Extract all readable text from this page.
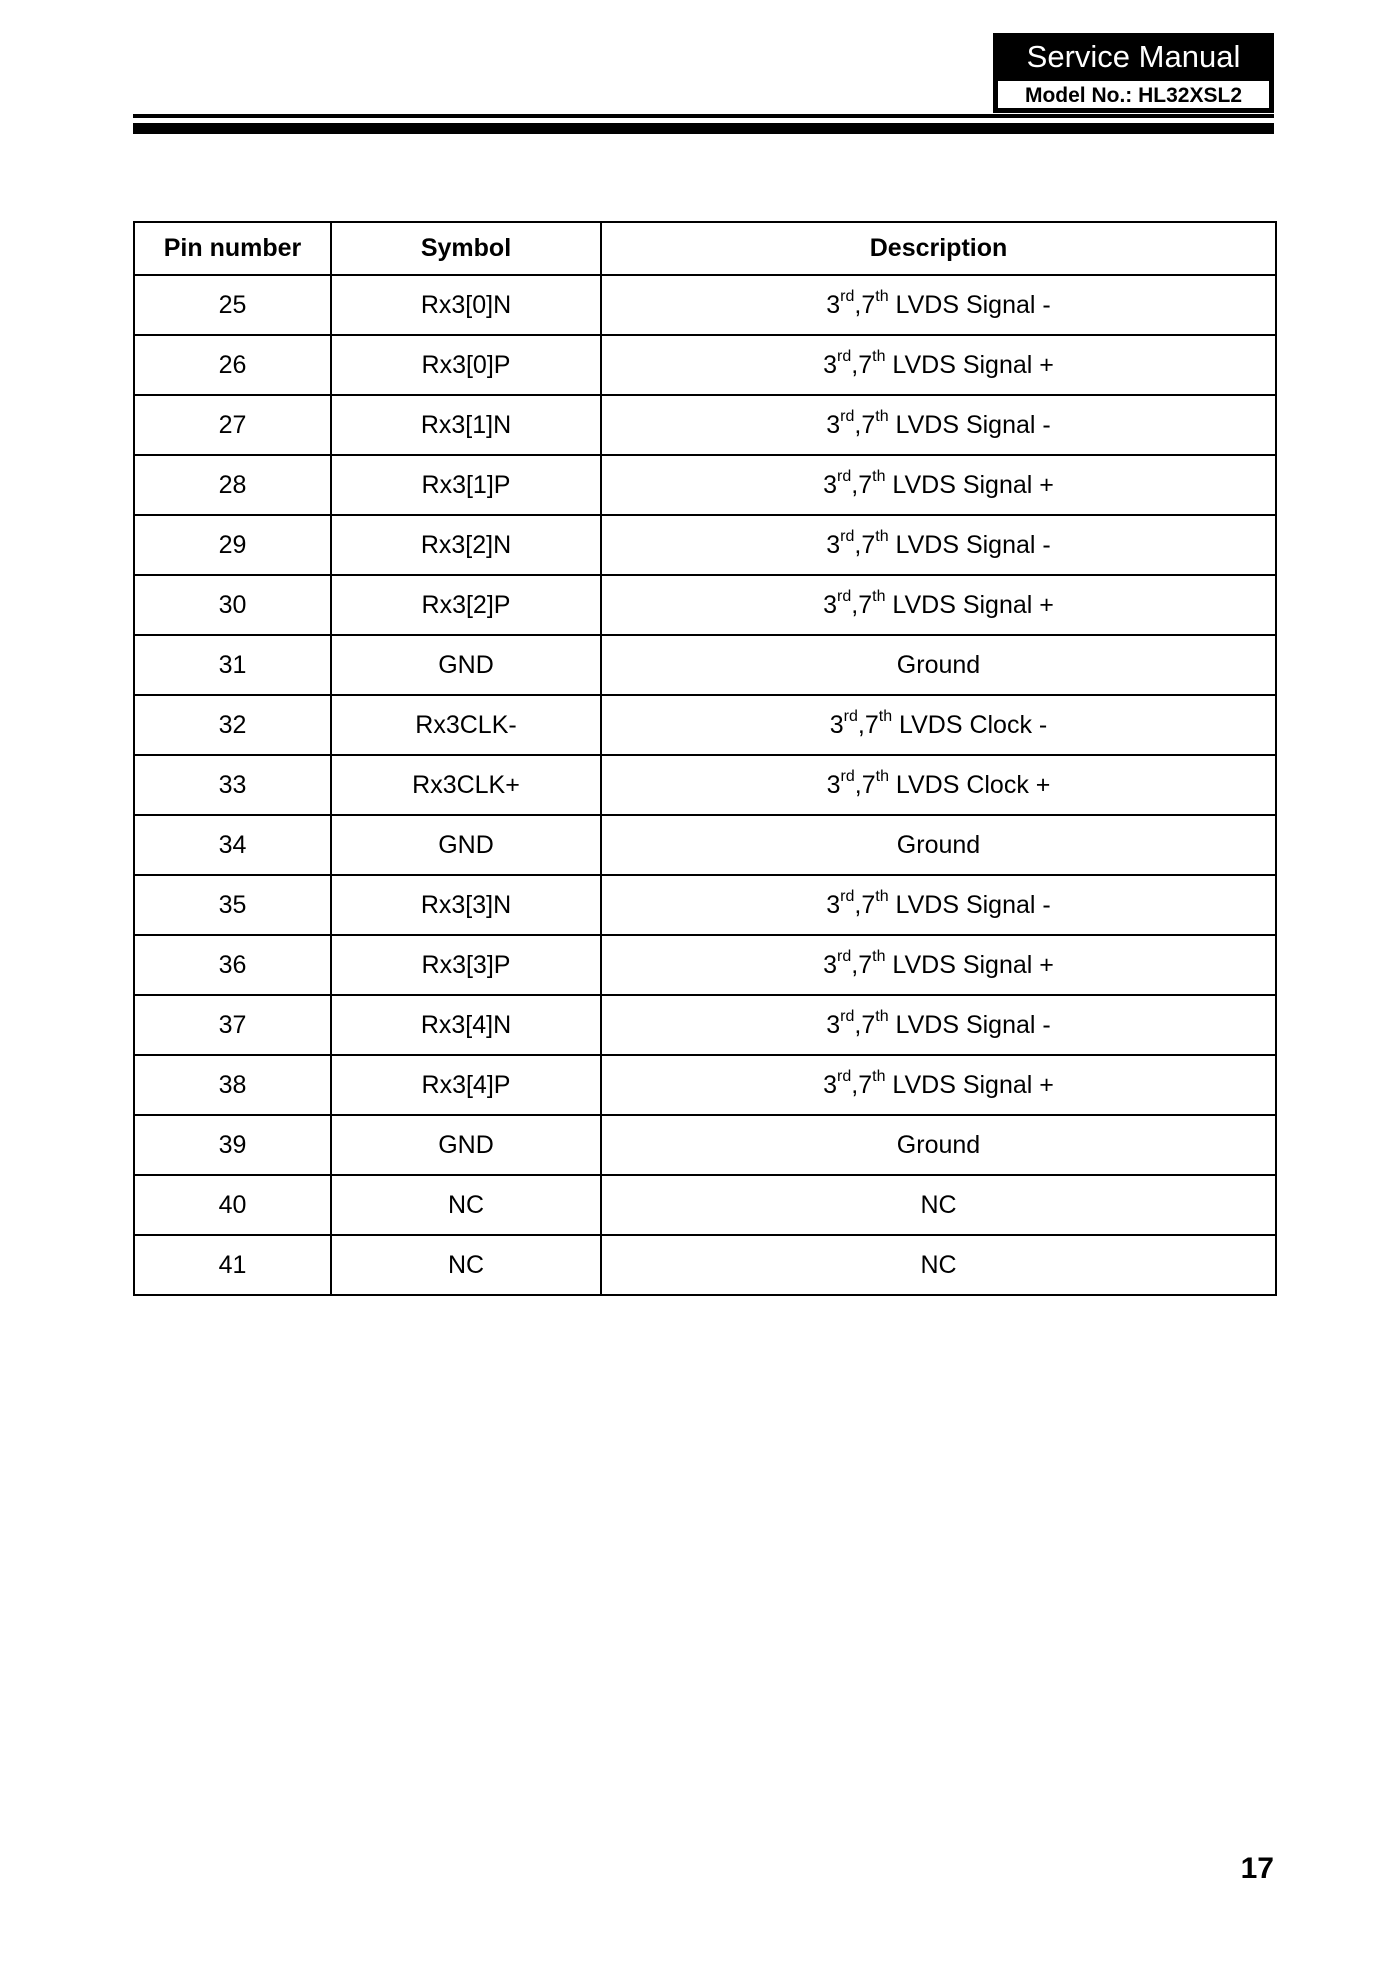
Service Manual
Model No.: HL32XSL2
Pin number	Symbol	Description
25	Rx3[0]N	3rd,7th LVDS Signal -
26	Rx3[0]P	3rd,7th LVDS Signal +
27	Rx3[1]N	3rd,7th LVDS Signal -
28	Rx3[1]P	3rd,7th LVDS Signal +
29	Rx3[2]N	3rd,7th LVDS Signal -
30	Rx3[2]P	3rd,7th LVDS Signal +
31	GND	Ground
32	Rx3CLK-	3rd,7th LVDS Clock -
33	Rx3CLK+	3rd,7th LVDS Clock +
34	GND	Ground
35	Rx3[3]N	3rd,7th LVDS Signal -
36	Rx3[3]P	3rd,7th LVDS Signal +
37	Rx3[4]N	3rd,7th LVDS Signal -
38	Rx3[4]P	3rd,7th LVDS Signal +
39	GND	Ground
40	NC	NC
41	NC	NC
17
